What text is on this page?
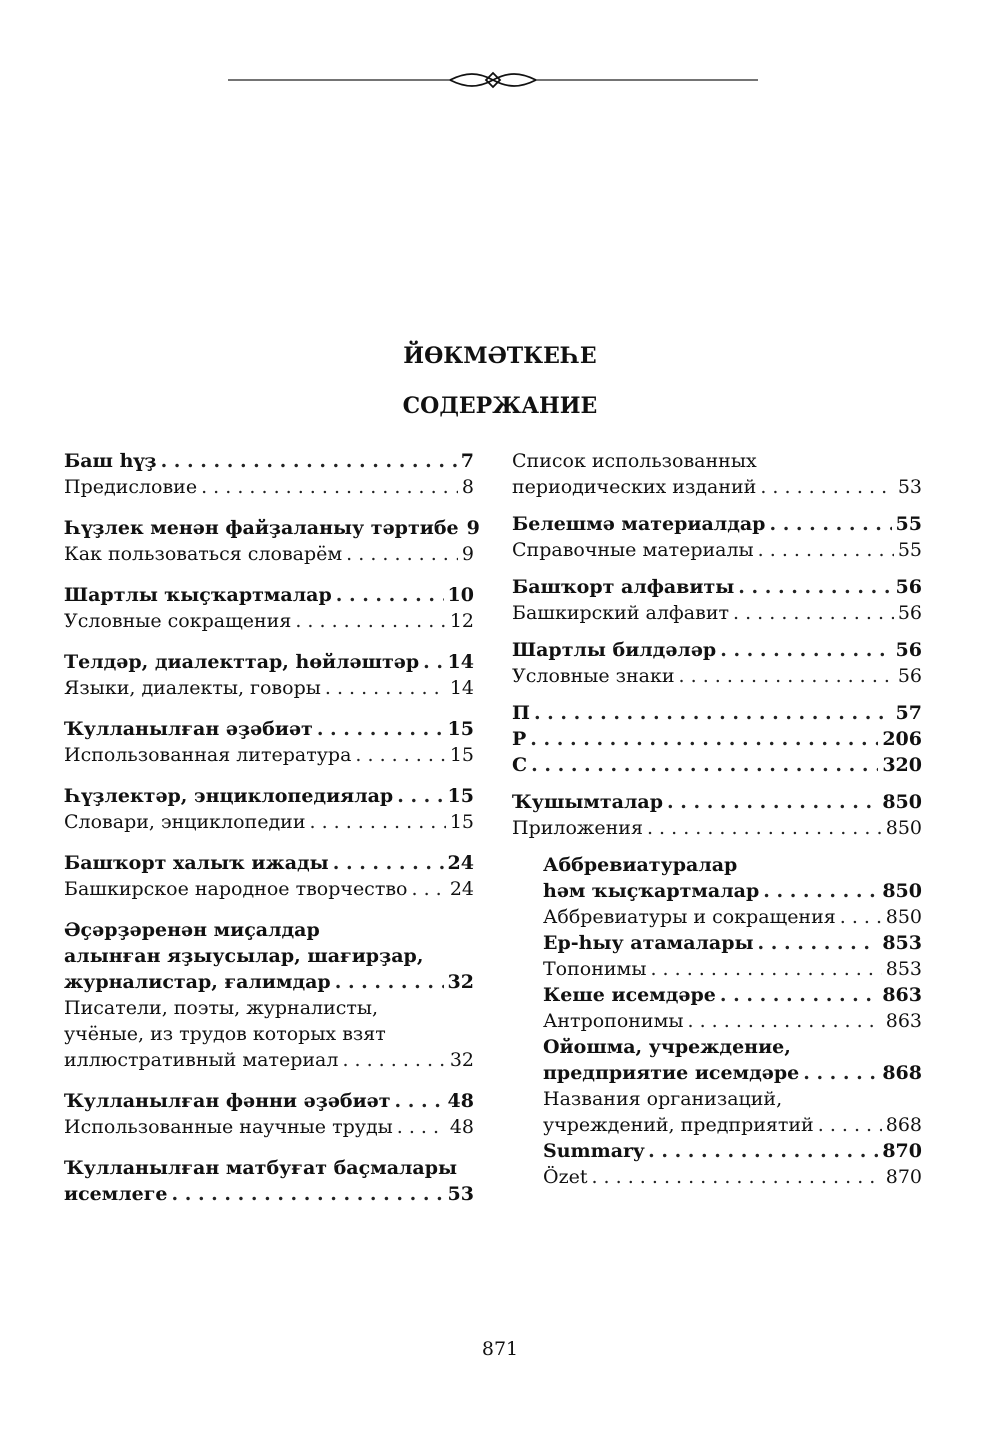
ЙӨКМӘТКЕҺЕ
СОДЕРЖАНИЕ
Баш һүҙ . . .	7
Предисловие . . .	8
Һүҙлек менән файҙаланыу тәртибе 9
Как пользоваться словарём . . .	9
Шартлы ҡыҫҡартмалар . . .	10
Условные сокращения . . .	12
Телдәр, диалекттар, һөйләштәр . . . 14
Языки, диалекты, говоры . . .	14
Ҡулланылған әҙәбиәт . . .	15
Использованная литература . . .	15
Һүҙлектәр, энциклопедиялар . . .	15
Словари, энциклопедии . . .	15
Башҡорт халыҡ ижады . . .	24
Башкирское народное творчество . . . 24
Әҫәрҙәренән миҫалдар
алынған яҙыусылар, шағирҙар,
журналистар, ғалимдар . . .	32
Писатели, поэты, журналисты,
учёные, из трудов которых взят
иллюстративный материал . . .	32
Ҡулланылған фәнни әҙәбиәт . . .	48
Использованные научные труды . . .	48
Ҡулланылған матбуғат баҫмалары
исемлеге . . .	53
Список использованных
периодических изданий . . .	53
Белешмә материалдар . . .	55
Справочные материалы . . .	55
Башҡорт алфавиты . . .	56
Башкирский алфавит . . .	56
Шартлы билдәләр . . .	56
Условные знаки . . .	56
П . . .	57
Р . . .	206
С . . .	320
Ҡушымталар . . .	850
Приложения . . .	850
Аббревиатуралар
һәм ҡыҫҡартмалар . . .	850
Аббревиатуры и сокращения . . .	850
Ер-һыу атамалары . . .	853
Топонимы . . .	853
Кеше исемдәре . . .	863
Антропонимы . . .	863
Ойошма, учреждение,
предприятие исемдәре . . .	868
Названия организаций,
учреждений, предприятий . . .	868
Summary . . .	870
Özet . . .	870
871
